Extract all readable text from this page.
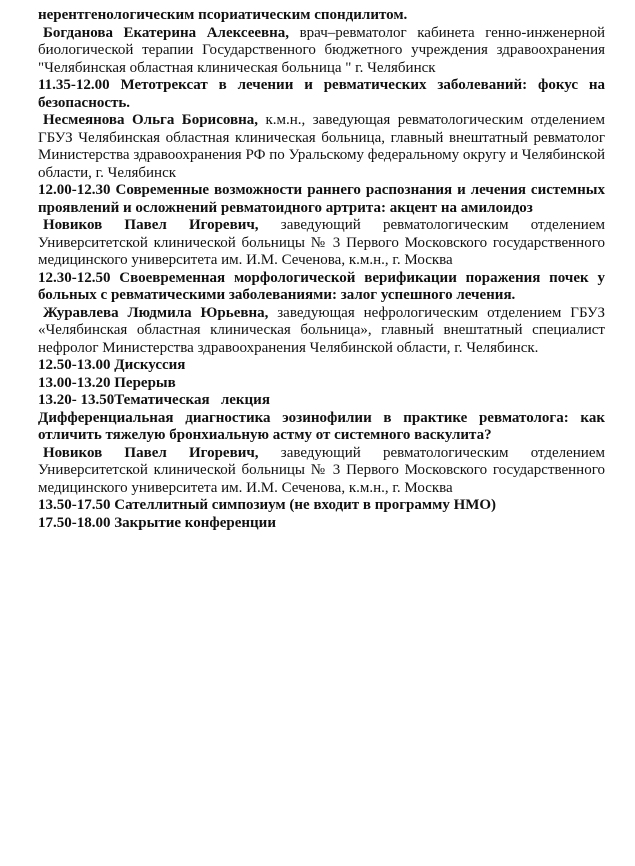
нерентгенологическим псориатическим спондилитом.

Богданова Екатерина Алексеевна, врач–ревматолог кабинета генно-инженерной биологической терапии Государственного бюджетного учреждения здравоохранения "Челябинская областная клиническая больница " г. Челябинск

11.35-12.00 Метотрексат в лечении и ревматических заболеваний: фокус на безопасность.

Несмеянова Ольга Борисовна, к.м.н., заведующая ревматологическим отделением ГБУЗ Челябинская областная клиническая больница, главный внештатный ревматолог Министерства здравоохранения РФ по Уральскому федеральному округу и Челябинской области, г. Челябинск

12.00-12.30 Современные возможности раннего распознания и лечения системных проявлений и осложнений ревматоидного артрита: акцент на амилоидоз

Новиков Павел Игоревич, заведующий ревматологическим отделением Университетской клинической больницы № 3 Первого Московского государственного медицинского университета им. И.М. Сеченова, к.м.н., г. Москва

12.30-12.50 Своевременная морфологической верификации поражения почек у больных с ревматическими заболеваниями: залог успешного лечения.

Журавлева Людмила Юрьевна, заведующая нефрологическим отделением ГБУЗ «Челябинская областная клиническая больница», главный внештатный специалист нефролог Министерства здравоохранения Челябинской области, г. Челябинск.

12.50-13.00 Дискуссия

13.00-13.20 Перерыв

13.20- 13.50Тематическая   лекция

Дифференциальная диагностика эозинофилии в практике ревматолога: как отличить тяжелую бронхиальную астму от системного васкулита?

Новиков Павел Игоревич, заведующий ревматологическим отделением Университетской клинической больницы № 3 Первого Московского государственного медицинского университета им. И.М. Сеченова, к.м.н., г. Москва

13.50-17.50 Сателлитный симпозиум (не входит в программу НМО)

17.50-18.00 Закрытие конференции
